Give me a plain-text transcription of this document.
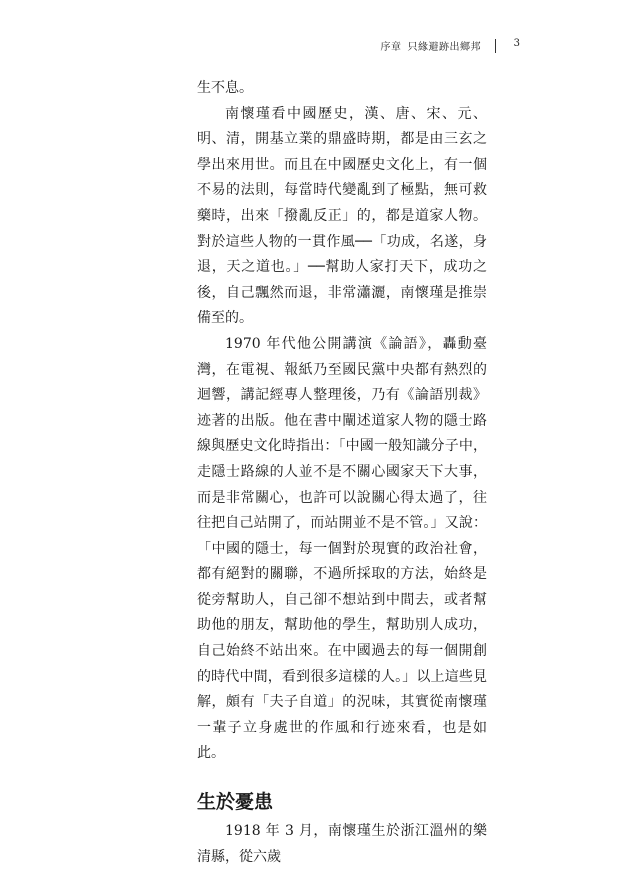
序章 只緣避跡出鄉邦	3

生不息。

南懷瑾看中國歷史，漢、唐、宋、元、明、清，開基立業的鼎盛時期，都是由三玄之學出來用世。而且在中國歷史文化上，有一個不易的法則，每當時代變亂到了極點，無可救藥時，出來「撥亂反正」的，都是道家人物。對於這些人物的一貫作風──「功成，名遂，身退，天之道也。」──幫助人家打天下，成功之後，自己飄然而退，非常瀟灑，南懷瑾是推崇備至的。

1970 年代他公開講演《論語》，轟動臺灣，在電視、報紙乃至國民黨中央都有熱烈的迴響，講記經專人整理後，乃有《論語別裁》迹著的出版。他在書中闡述道家人物的隱士路線與歷史文化時指出：「中國一般知識分子中，走隱士路線的人並不是不關心國家天下大事，而是非常關心，也許可以說關心得太過了，往往把自己站開了，而站開並不是不管。」又說：「中國的隱士，每一個對於現實的政治社會，都有絕對的關聯，不過所採取的方法，始終是從旁幫助人，自己卻不想站到中間去，或者幫助他的朋友，幫助他的學生，幫助別人成功，自己始終不站出來。在中國過去的每一個開創的時代中間，看到很多這樣的人。」以上這些見解，頗有「夫子自道」的況味，其實從南懷瑾一輩子立身處世的作風和行迹來看，也是如此。

生於憂患

1918 年 3 月，南懷瑾生於浙江溫州的樂清縣，從六歲
